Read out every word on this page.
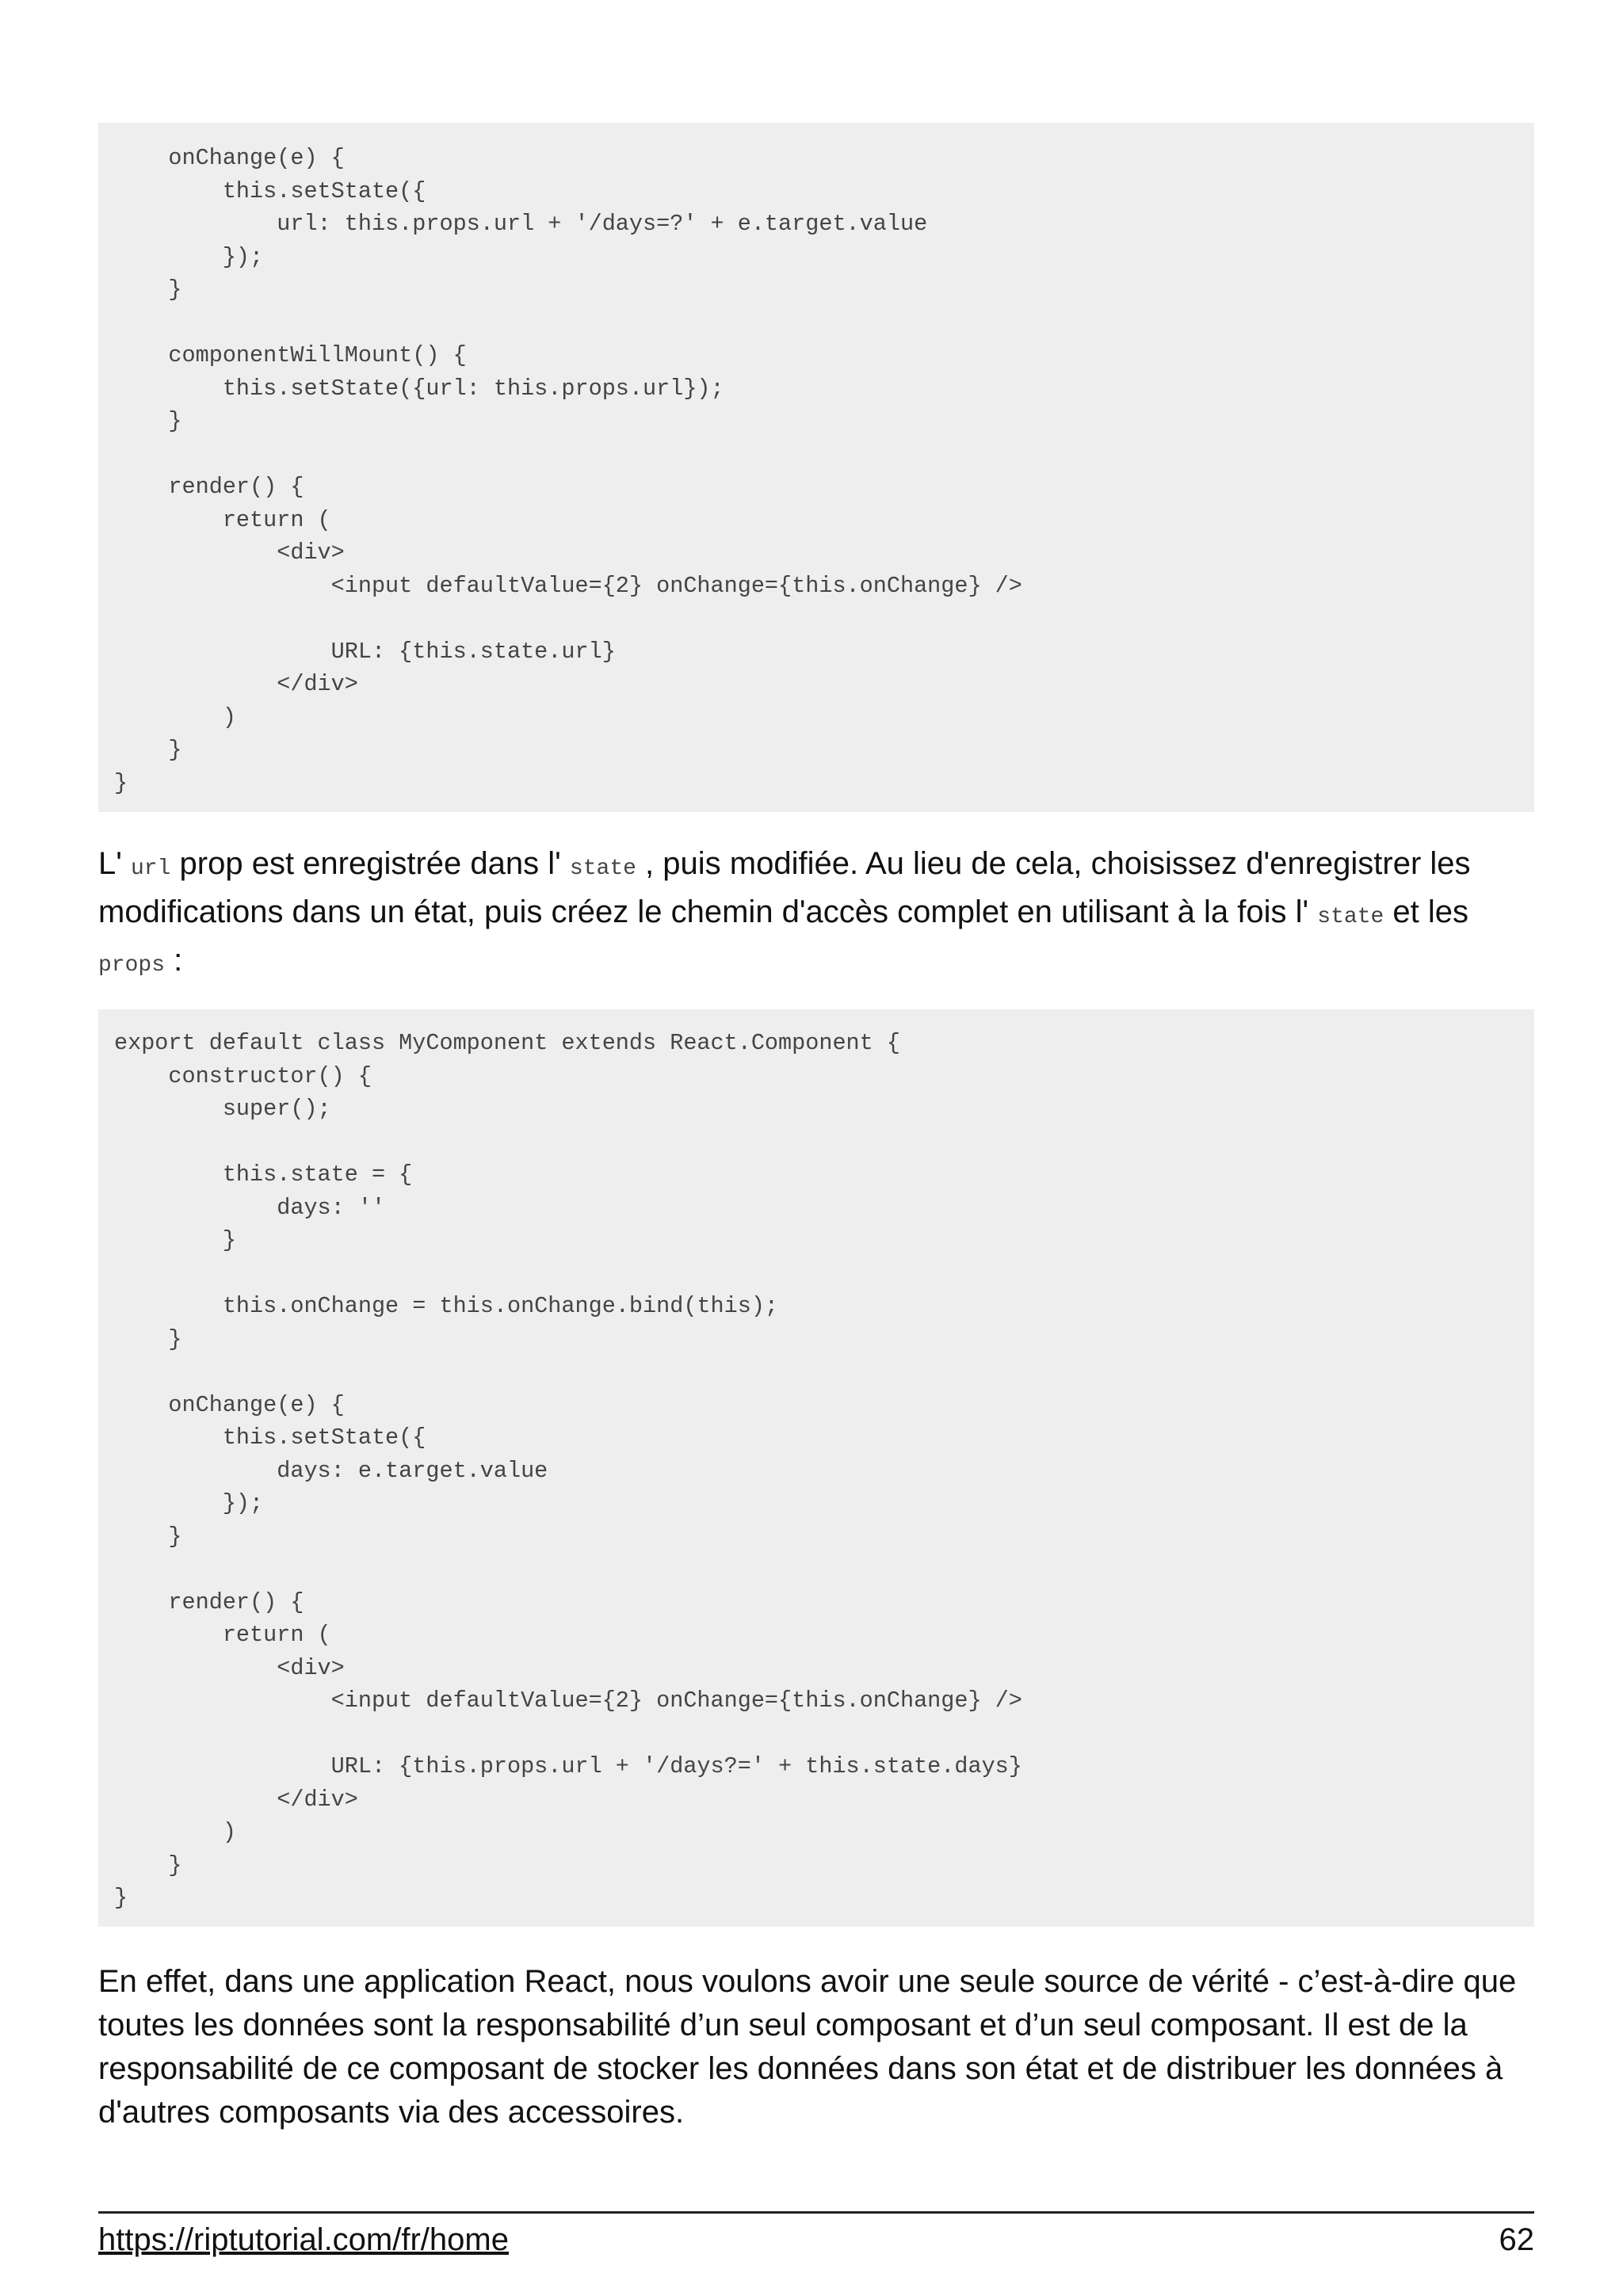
onChange(e) {
this.setState({
url: this.props.url + '/days=?' + e.target.value
});
}
componentWillMount() {
this.setState({url: this.props.url});
}
render() {
return (
<div>
<input defaultValue={2} onChange={this.onChange} />
URL: {this.state.url}
</div>
)
}
}

L' url prop est enregistrée dans l' state , puis modifiée. Au lieu de cela, choisissez d'enregistrer les modifications dans un état, puis créez le chemin d'accès complet en utilisant à la fois l' state et les props :

export default class MyComponent extends React.Component {
constructor() {
super();
this.state = {
days: ''
}
this.onChange = this.onChange.bind(this);
}
onChange(e) {
this.setState({
days: e.target.value
});
}
render() {
return (
<div>
<input defaultValue={2} onChange={this.onChange} />
URL: {this.props.url + '/days?=' + this.state.days}
</div>
)
}
}

En effet, dans une application React, nous voulons avoir une seule source de vérité - c’est-à-dire que toutes les données sont la responsabilité d’un seul composant et d’un seul composant. Il est de la responsabilité de ce composant de stocker les données dans son état et de distribuer les données à d'autres composants via des accessoires.

https://riptutorial.com/fr/home	62
